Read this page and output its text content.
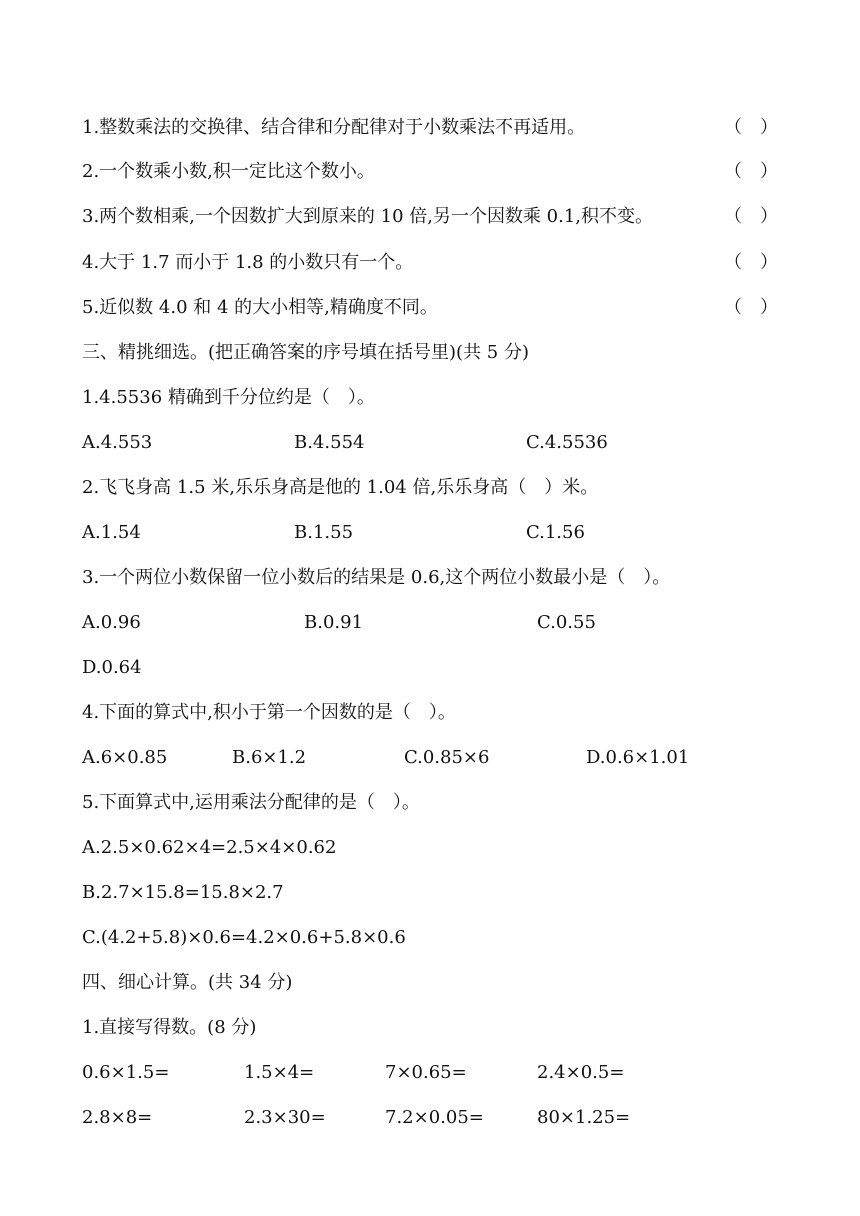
1.整数乘法的交换律、结合律和分配律对于小数乘法不再适用。	（　）
2.一个数乘小数,积一定比这个数小。	（　）
3.两个数相乘,一个因数扩大到原来的 10 倍,另一个因数乘 0.1,积不变。	（　）
4.大于 1.7 而小于 1.8 的小数只有一个。	（　）
5.近似数 4.0 和 4 的大小相等,精确度不同。	（　）
三、精挑细选。(把正确答案的序号填在括号里)(共 5 分)
1.4.5536 精确到千分位约是（　）。
A.4.553	B.4.554	C.4.5536
2.飞飞身高 1.5 米,乐乐身高是他的 1.04 倍,乐乐身高（　）米。
A.1.54	B.1.55	C.1.56
3.一个两位小数保留一位小数后的结果是 0.6,这个两位小数最小是（　）。
A.0.96	B.0.91	C.0.55
D.0.64
4.下面的算式中,积小于第一个因数的是（　）。
A.6×0.85	B.6×1.2	C.0.85×6	D.0.6×1.01
5.下面算式中,运用乘法分配律的是（　）。
A.2.5×0.62×4=2.5×4×0.62
B.2.7×15.8=15.8×2.7
C.(4.2+5.8)×0.6=4.2×0.6+5.8×0.6
四、细心计算。(共 34 分)
1.直接写得数。(8 分)
0.6×1.5=	1.5×4=	7×0.65=	2.4×0.5=
2.8×8=	2.3×30=	7.2×0.05=	80×1.25=
